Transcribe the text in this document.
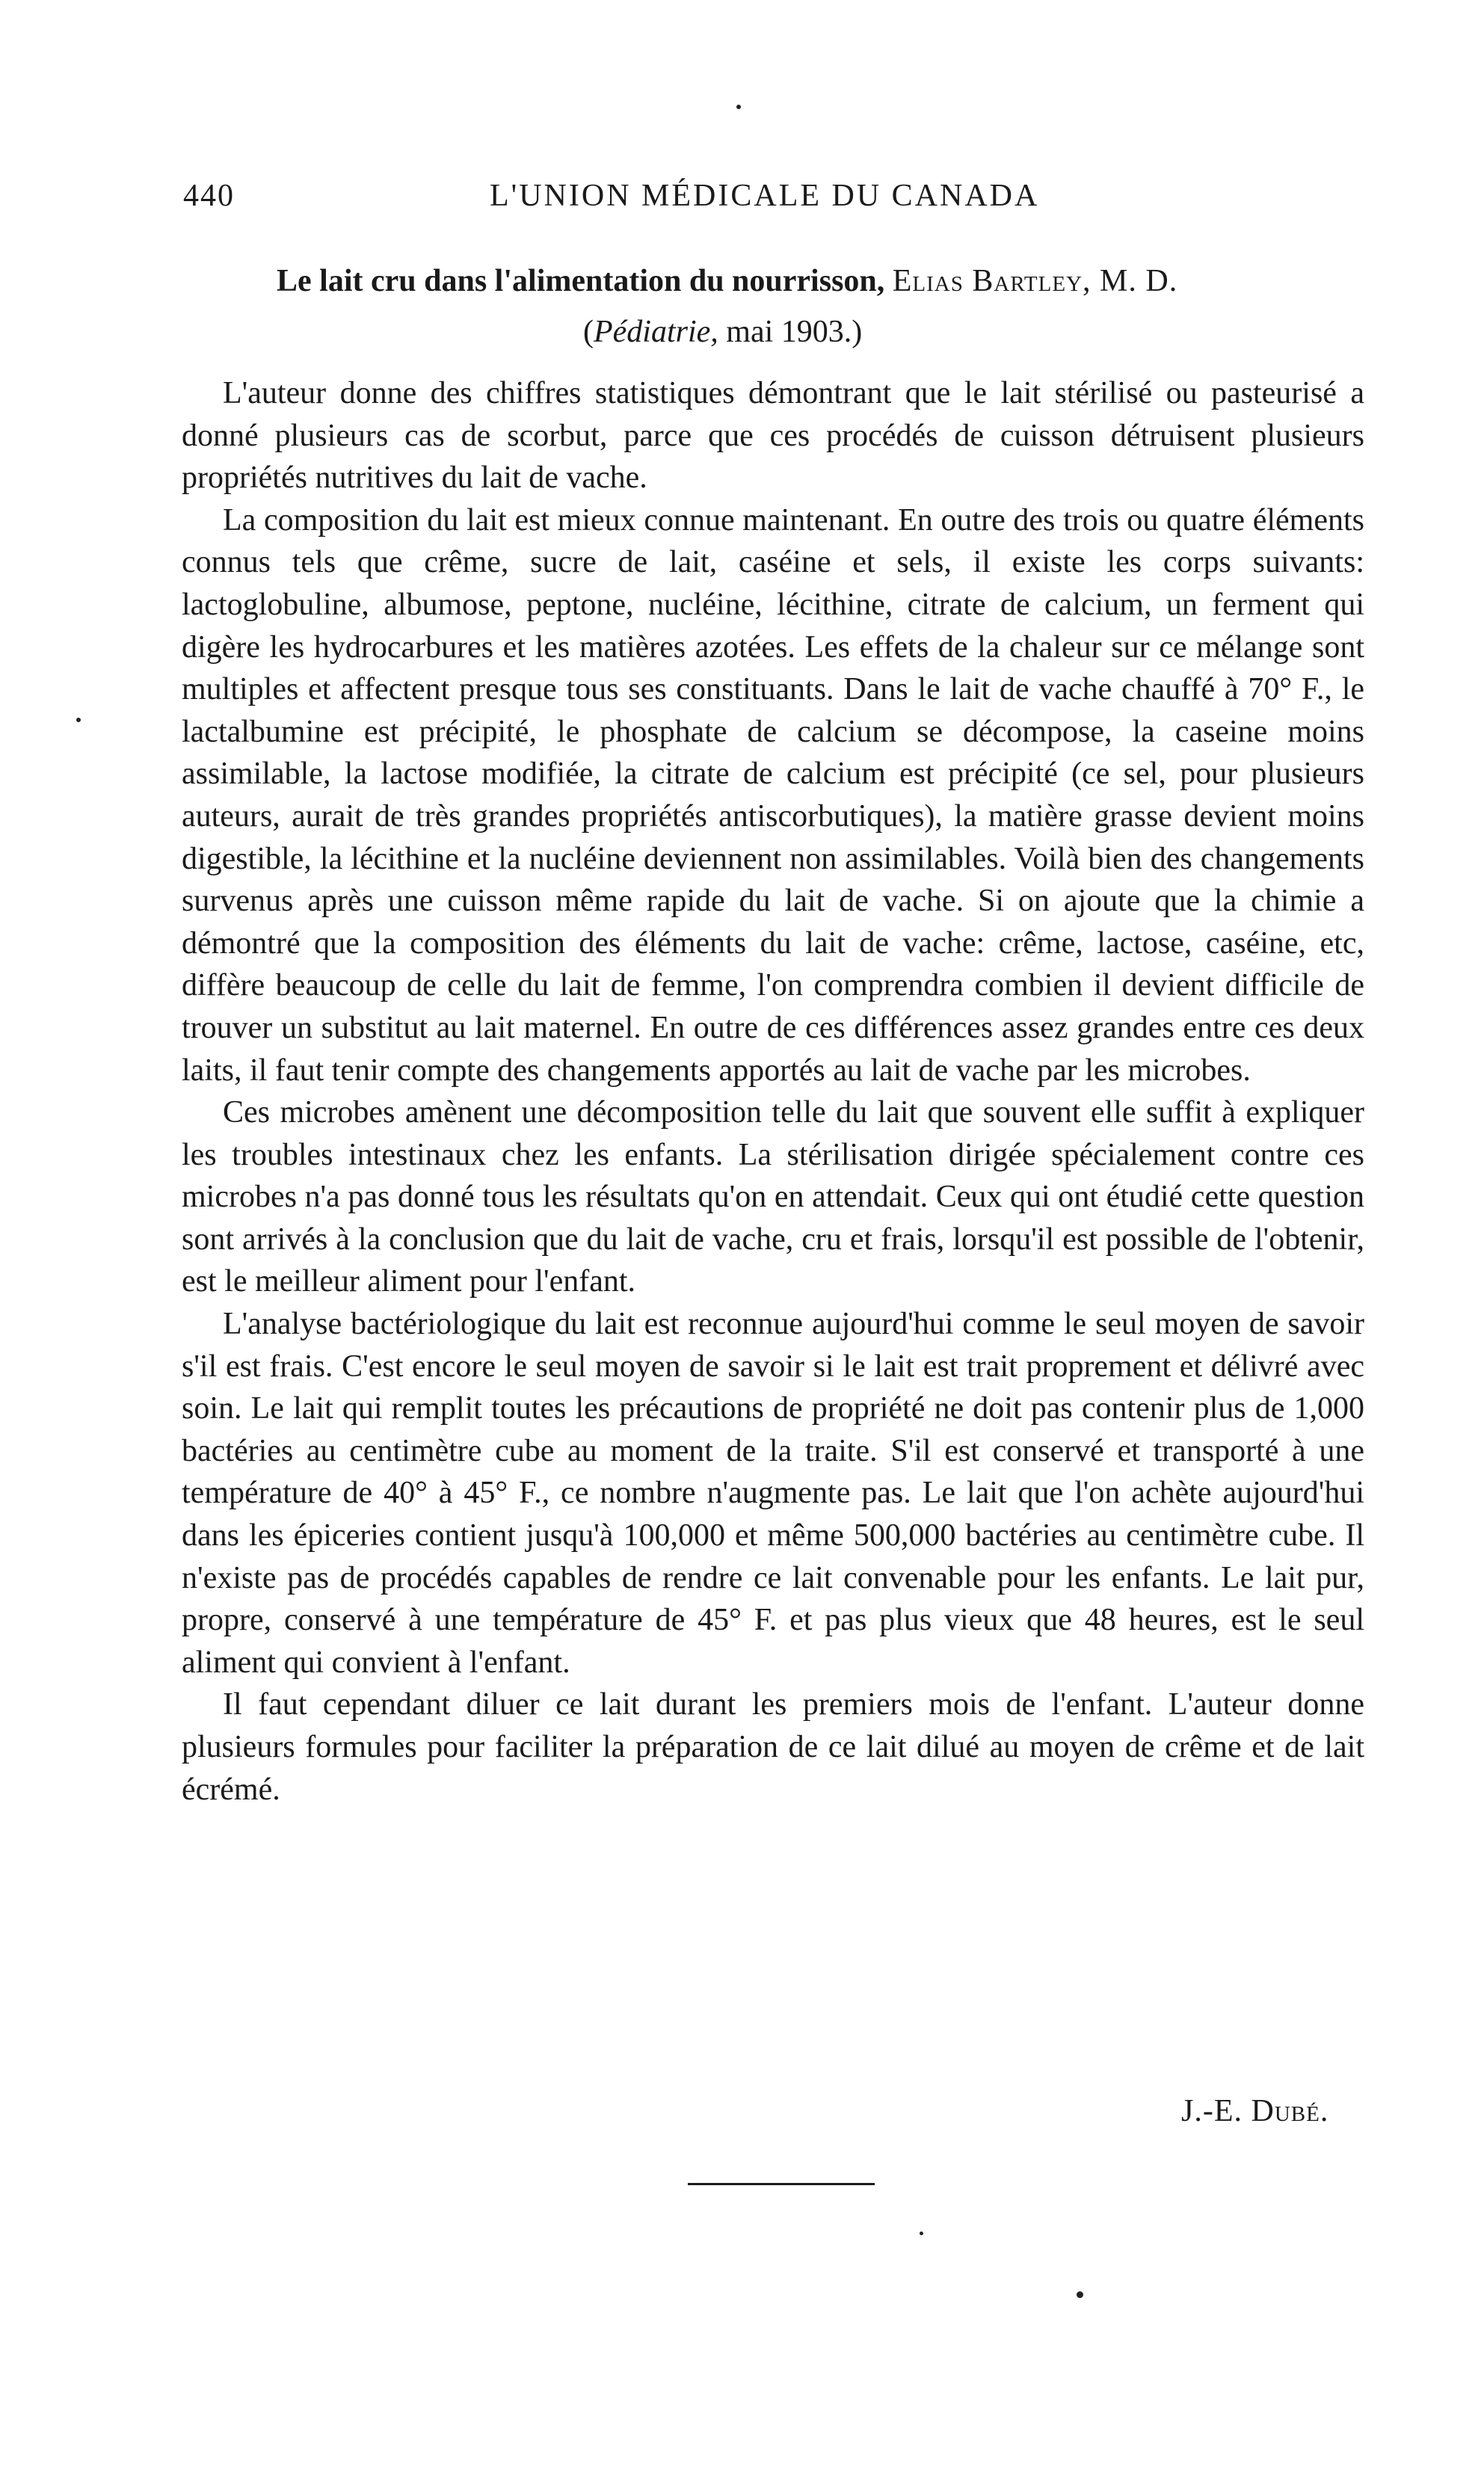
440	L'UNION MÉDICALE DU CANADA
Le lait cru dans l'alimentation du nourrisson, Elias Bartley, M. D.
(Pédiatrie, mai 1903.)

L'auteur donne des chiffres statistiques démontrant que le lait stérilisé ou pasteurisé a donné plusieurs cas de scorbut, parce que ces procédés de cuisson détruisent plusieurs propriétés nutritives du lait de vache.

La composition du lait est mieux connue maintenant. En outre des trois ou quatre éléments connus tels que crême, sucre de lait, caséine et sels, il existe les corps suivants: lactoglobuline, albumose, peptone, nucléine, lécithine, citrate de calcium, un ferment qui digère les hydrocarbures et les matières azotées. Les effets de la chaleur sur ce mélange sont multiples et affectent presque tous ses constituants. Dans le lait de vache chauffé à 70° F., le lactalbumine est précipité, le phosphate de calcium se décompose, la caseine moins assimilable, la lactose modifiée, la citrate de calcium est précipité (ce sel, pour plusieurs auteurs, aurait de très grandes propriétés antiscorbutiques), la matière grasse devient moins digestible, la lécithine et la nucléine deviennent non assimilables. Voilà bien des changements survenus après une cuisson même rapide du lait de vache. Si on ajoute que la chimie a démontré que la composition des éléments du lait de vache: crême, lactose, caséine, etc, diffère beaucoup de celle du lait de femme, l'on comprendra combien il devient difficile de trouver un substitut au lait maternel. En outre de ces différences assez grandes entre ces deux laits, il faut tenir compte des changements apportés au lait de vache par les microbes.

Ces microbes amènent une décomposition telle du lait que souvent elle suffit à expliquer les troubles intestinaux chez les enfants. La stérilisation dirigée spécialement contre ces microbes n'a pas donné tous les résultats qu'on en attendait. Ceux qui ont étudié cette question sont arrivés à la conclusion que du lait de vache, cru et frais, lorsqu'il est possible de l'obtenir, est le meilleur aliment pour l'enfant.

L'analyse bactériologique du lait est reconnue aujourd'hui comme le seul moyen de savoir s'il est frais. C'est encore le seul moyen de savoir si le lait est trait proprement et délivré avec soin. Le lait qui remplit toutes les précautions de propriété ne doit pas contenir plus de 1,000 bactéries au centimètre cube au moment de la traite. S'il est conservé et transporté à une température de 40° à 45° F., ce nombre n'augmente pas. Le lait que l'on achète aujourd'hui dans les épiceries contient jusqu'à 100,000 et même 500,000 bactéries au centimètre cube. Il n'existe pas de procédés capables de rendre ce lait convenable pour les enfants. Le lait pur, propre, conservé à une température de 45° F. et pas plus vieux que 48 heures, est le seul aliment qui convient à l'enfant.

Il faut cependant diluer ce lait durant les premiers mois de l'enfant. L'auteur donne plusieurs formules pour faciliter la préparation de ce lait dilué au moyen de crême et de lait écrémé.

J.-E. Dubé.
